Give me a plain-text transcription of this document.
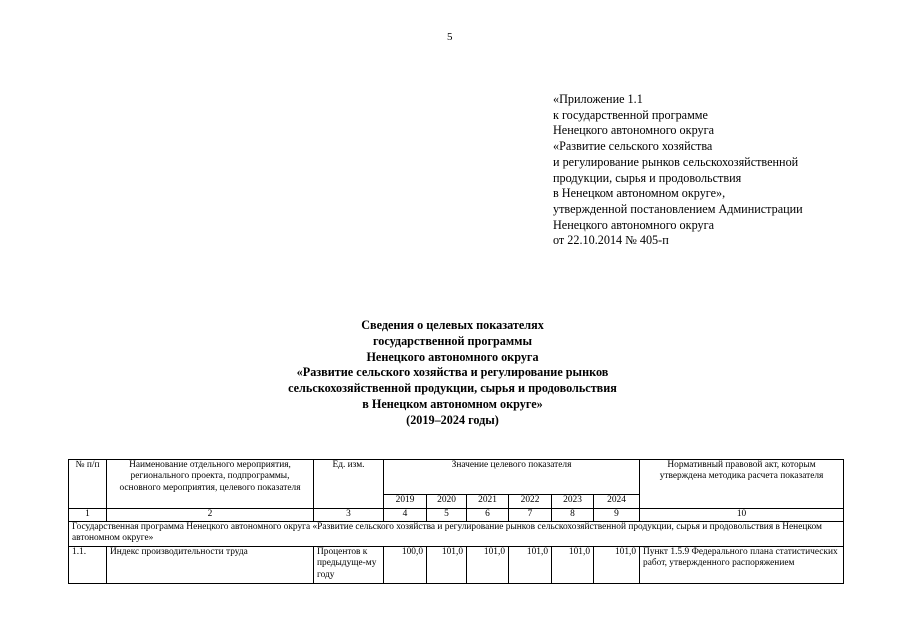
5
«Приложение 1.1
к государственной программе
Ненецкого автономного округа
«Развитие сельского хозяйства
и регулирование рынков сельскохозяйственной
продукции, сырья и продовольствия
в Ненецком автономном округе»,
утвержденной постановлением Администрации
Ненецкого автономного округа
от 22.10.2014 № 405-п
Сведения о целевых показателях
государственной программы
Ненецкого автономного округа
«Развитие сельского хозяйства и регулирование рынков
сельскохозяйственной продукции, сырья и продовольствия
в Ненецком автономном округе»
(2019–2024 годы)
№ п/п	Наименование отдельного мероприятия, регионального проекта, подпрограммы, основного мероприятия, целевого показателя	Ед. изм.	Значение целевого показателя						Нормативный правовой акт, которым утверждена методика расчета показателя
			2019	2020	2021	2022	2023	2024	
1	2	3	4	5	6	7	8	9	10
Государственная программа Ненецкого автономного округа «Развитие сельского хозяйства и регулирование рынков сельскохозяйственной продукции, сырья и продовольствия в Ненецком автономном округе»									
1.1.	Индекс производительности труда	Процентов к предыдуще-му году	100,0	101,0	101,0	101,0	101,0	101,0	Пункт 1.5.9 Федерального плана статистических работ, утвержденного распоряжением
